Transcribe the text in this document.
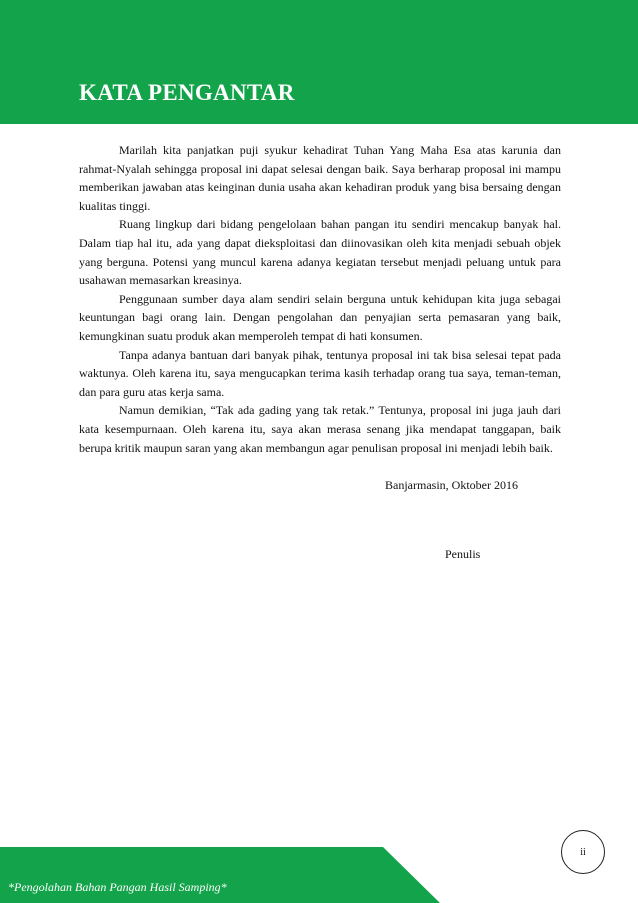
KATA PENGANTAR

Marilah kita panjatkan puji syukur kehadirat Tuhan Yang Maha Esa atas karunia dan rahmat-Nyalah sehingga proposal ini dapat selesai dengan baik. Saya berharap proposal ini mampu memberikan jawaban atas keinginan dunia usaha akan kehadiran produk yang bisa bersaing dengan kualitas tinggi.

Ruang lingkup dari bidang pengelolaan bahan pangan itu sendiri mencakup banyak hal. Dalam tiap hal itu, ada yang dapat dieksploitasi dan diinovasikan oleh kita menjadi sebuah objek yang berguna. Potensi yang muncul karena adanya kegiatan tersebut menjadi peluang untuk para usahawan memasarkan kreasinya.

Penggunaan sumber daya alam sendiri selain berguna untuk kehidupan kita juga sebagai keuntungan bagi orang lain. Dengan pengolahan dan penyajian serta pemasaran yang baik, kemungkinan suatu produk akan memperoleh tempat di hati konsumen.

Tanpa adanya bantuan dari banyak pihak, tentunya proposal ini tak bisa selesai tepat pada waktunya. Oleh karena itu, saya mengucapkan terima kasih terhadap orang tua saya, teman-teman, dan para guru atas kerja sama.

Namun demikian, “Tak ada gading yang tak retak.” Tentunya, proposal ini juga jauh dari kata kesempurnaan. Oleh karena itu, saya akan merasa senang jika mendapat tanggapan, baik berupa kritik maupun saran yang akan membangun agar penulisan proposal ini menjadi lebih baik.

Banjarmasin, Oktober 2016
Penulis
*Pengolahan Bahan Pangan Hasil Samping*
ii
